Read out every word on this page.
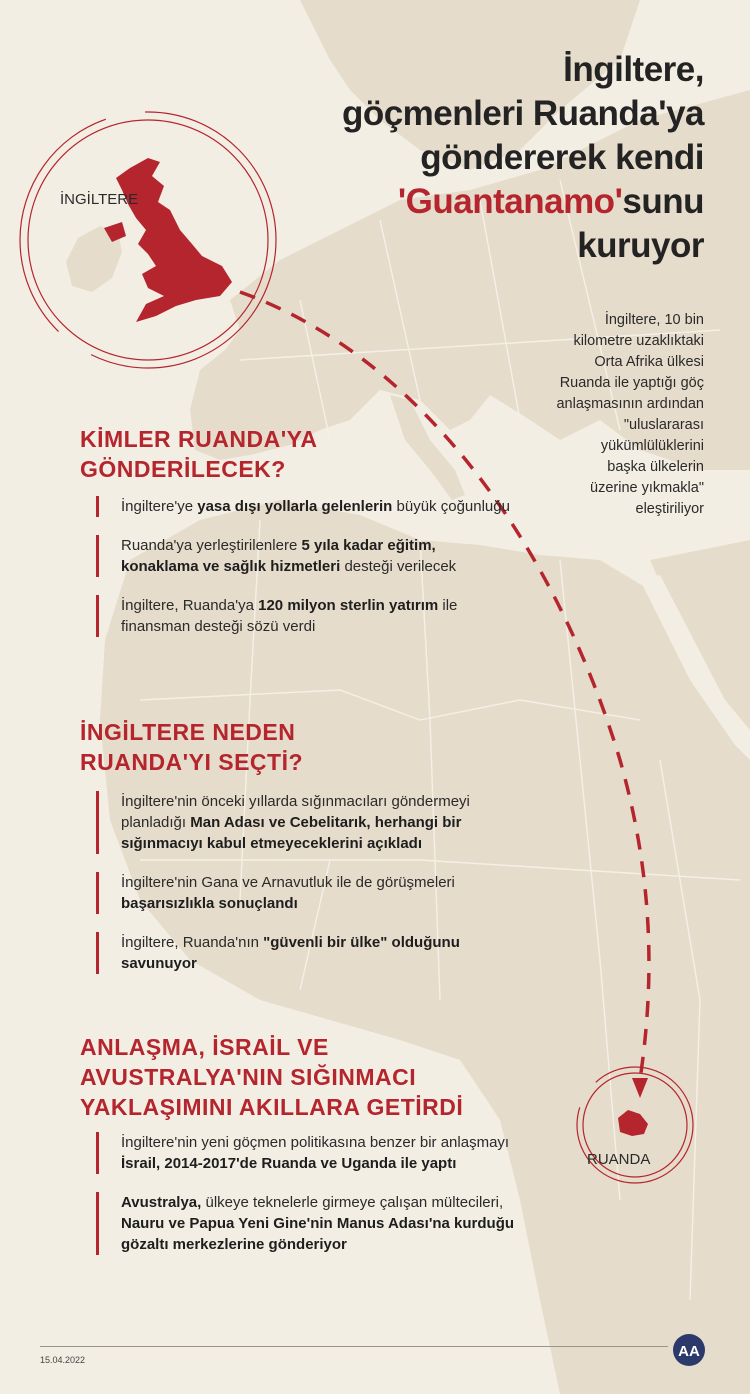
İngiltere,
göçmenleri Ruanda'ya
göndererek kendi
'Guantanamo'sunu
kuruyor
İngiltere, 10 bin
kilometre uzaklıktaki
Orta Afrika ülkesi
Ruanda ile yaptığı göç
anlaşmasının ardından
"uluslararası
yükümlülüklerini
başka ülkelerin
üzerine yıkmakla"
eleştiriliyor
İNGİLTERE
RUANDA
KİMLER RUANDA'YA
GÖNDERİLECEK?
İngiltere'ye yasa dışı yollarla gelenlerin büyük çoğunluğu
Ruanda'ya yerleştirilenlere 5 yıla kadar eğitim, konaklama ve sağlık hizmetleri desteği verilecek
İngiltere, Ruanda'ya 120 milyon sterlin yatırım ile finansman desteği sözü verdi
İNGİLTERE NEDEN
RUANDA'YI SEÇTİ?
İngiltere'nin önceki yıllarda sığınmacıları göndermeyi planladığı Man Adası ve Cebelitarık, herhangi bir sığınmacıyı kabul etmeyeceklerini açıkladı
İngiltere'nin Gana ve Arnavutluk ile de görüşmeleri başarısızlıkla sonuçlandı
İngiltere, Ruanda'nın "güvenli bir ülke" olduğunu savunuyor
ANLAŞMA, İSRAİL VE
AVUSTRALYA'NIN SIĞINMACI
YAKLAŞIMINI AKILLARA GETİRDİ
İngiltere'nin yeni göçmen politikasına benzer bir anlaşmayı İsrail, 2014-2017'de Ruanda ve Uganda ile yaptı
Avustralya, ülkeye teknelerle girmeye çalışan mültecileri, Nauru ve Papua Yeni Gine'nin Manus Adası'na kurduğu gözaltı merkezlerine gönderiyor
15.04.2022	AA
